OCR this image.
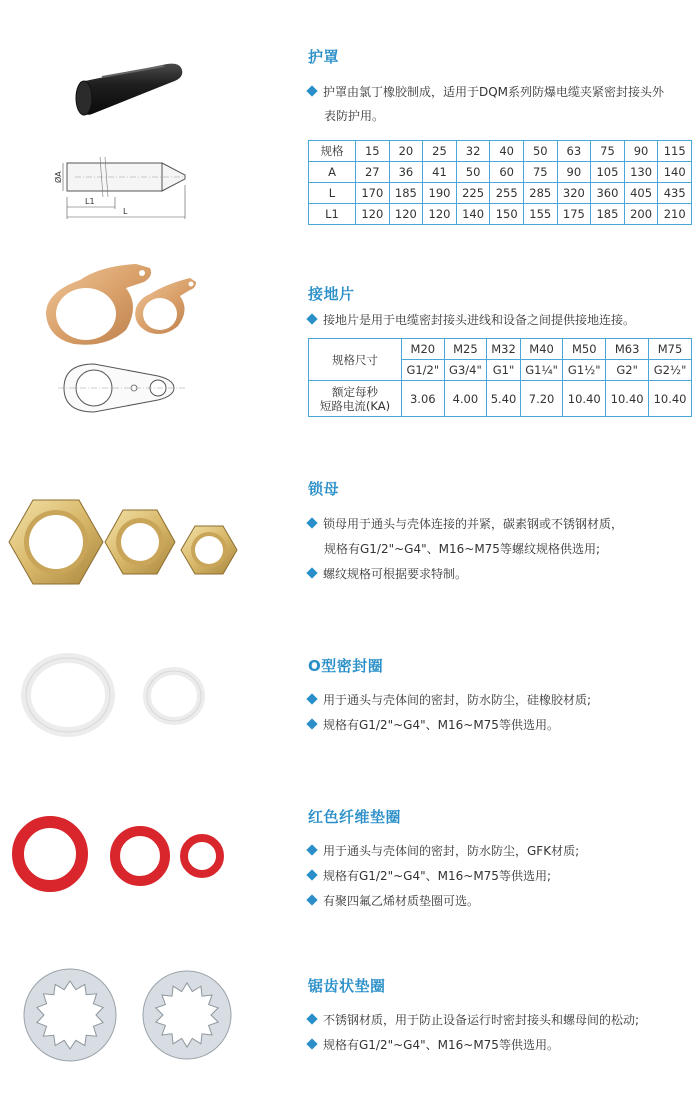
护罩
护罩由氯丁橡胶制成，适用于DQM系列防爆电缆夹紧密封接头外
表防护用。
ØA
L1
L
规格	15	20	25	32	40	50	63	75	90	115
A	27	36	41	50	60	75	90	105	130	140
L	170	185	190	225	255	285	320	360	405	435
L1	120	120	120	140	150	155	175	185	200	210
接地片
接地片是用于电缆密封接头进线和设备之间提供接地连接。
规格尺寸	M20	M25	M32	M40	M50	M63	M75
	G1/2"	G3/4"	G1"	G1¼"	G1½"	G2"	G2½"
额定每秒
短路电流(KA)	3.06	4.00	5.40	7.20	10.40	10.40	10.40
锁母
锁母用于通头与壳体连接的并紧，碳素钢或不锈钢材质，
规格有G1/2"~G4"、M16~M75等螺纹规格供选用;
螺纹规格可根据要求特制。
O型密封圈
用于通头与壳体间的密封，防水防尘，硅橡胶材质;
规格有G1/2"~G4"、M16~M75等供选用。
红色纤维垫圈
用于通头与壳体间的密封，防水防尘，GFK材质;
规格有G1/2"~G4"、M16~M75等供选用;
有聚四氟乙烯材质垫圈可选。
锯齿状垫圈
不锈钢材质，用于防止设备运行时密封接头和螺母间的松动;
规格有G1/2"~G4"、M16~M75等供选用。
